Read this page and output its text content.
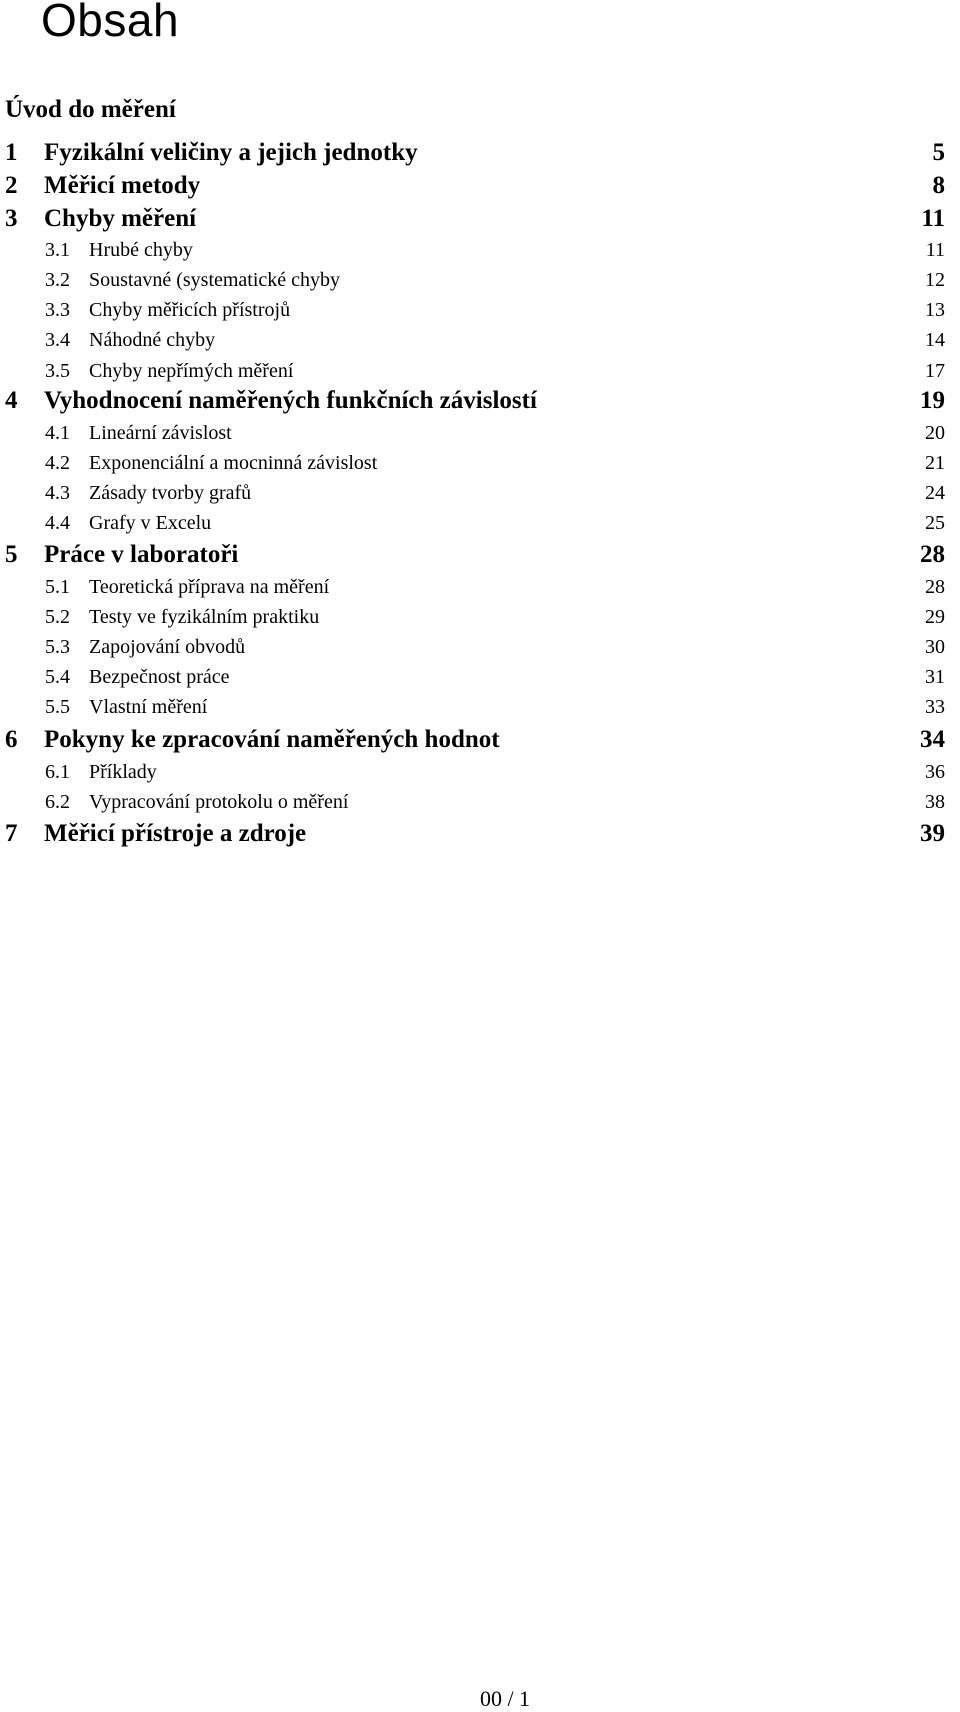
Obsah
Úvod do měření
1 Fyzikální veličiny a jejich jednotky	5
2 Měřicí metody	8
3 Chyby měření	11
3.1 Hrubé chyby	11
3.2 Soustavné (systematické chyby	12
3.3 Chyby měřicích přístrojů	13
3.4 Náhodné chyby	14
3.5 Chyby nepřímých měření	17
4 Vyhodnocení naměřených funkčních závislostí	19
4.1 Lineární závislost	20
4.2 Exponenciální a mocninná závislost	21
4.3 Zásady tvorby grafů	24
4.4 Grafy v Excelu	25
5 Práce v laboratoři	28
5.1 Teoretická příprava na měření	28
5.2 Testy ve fyzikálním praktiku	29
5.3 Zapojování obvodů	30
5.4 Bezpečnost práce	31
5.5 Vlastní měření	33
6 Pokyny ke zpracování naměřených hodnot	34
6.1 Příklady	36
6.2 Vypracování protokolu o měření	38
7 Měřicí přístroje a zdroje	39
00 / 1
